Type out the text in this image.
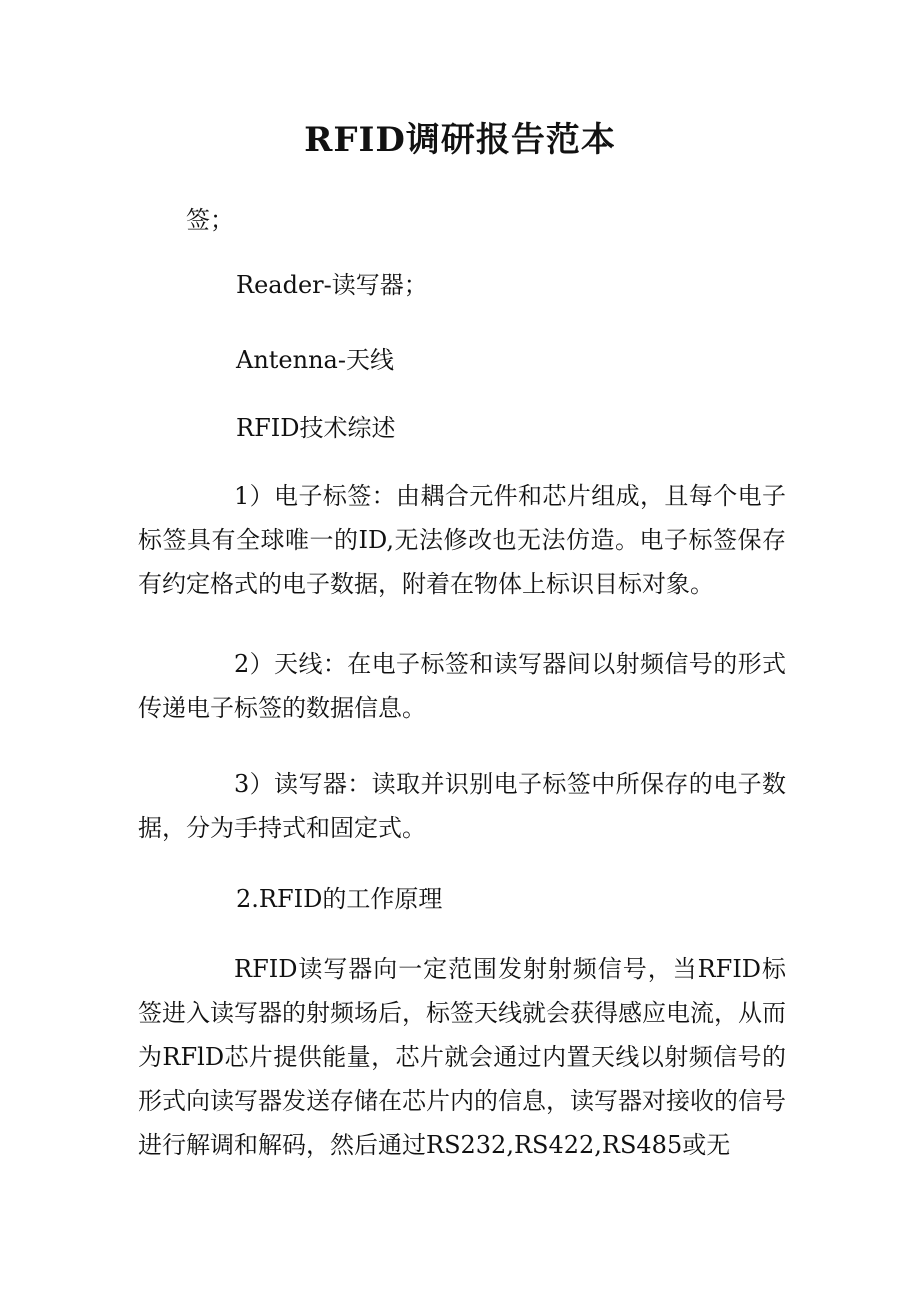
RFID调研报告范本
签；
Reader-读写器；
Antenna-天线
RFID技术综述
1）电子标签：由耦合元件和芯片组成，且每个电子标签具有全球唯一的ID,无法修改也无法仿造。电子标签保存有约定格式的电子数据，附着在物体上标识目标对象。
2）天线：在电子标签和读写器间以射频信号的形式传递电子标签的数据信息。
3）读写器：读取并识别电子标签中所保存的电子数据，分为手持式和固定式。
2.RFID的工作原理
RFID读写器向一定范围发射射频信号，当RFID标签进入读写器的射频场后，标签天线就会获得感应电流，从而为RFlD芯片提供能量，芯片就会通过内置天线以射频信号的形式向读写器发送存储在芯片内的信息，读写器对接收的信号进行解调和解码，然后通过RS232,RS422,RS485或无
